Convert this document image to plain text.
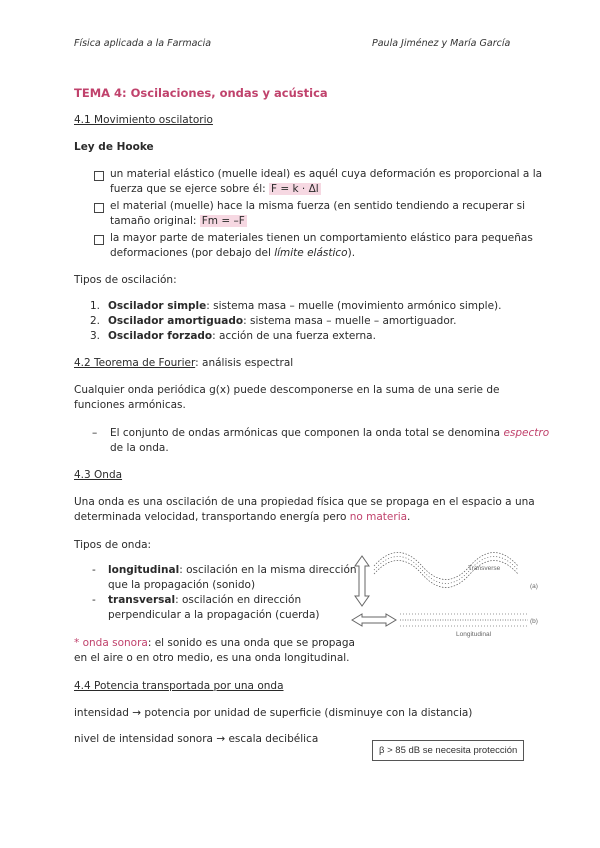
Física aplicada a la Farmacia	Paula Jiménez y María García
TEMA 4: Oscilaciones, ondas y acústica
4.1 Movimiento oscilatorio
Ley de Hooke
un material elástico (muelle ideal) es aquél cuya deformación es proporcional a la
fuerza que se ejerce sobre él: F = k · Δl
el material (muelle) hace la misma fuerza (en sentido tendiendo a recuperar si
tamaño original: Fm = –F
la mayor parte de materiales tienen un comportamiento elástico para pequeñas
deformaciones (por debajo del límite elástico).
Tipos de oscilación:
1. Oscilador simple: sistema masa – muelle (movimiento armónico simple).
2. Oscilador amortiguado: sistema masa – muelle – amortiguador.
3. Oscilador forzado: acción de una fuerza externa.
4.2 Teorema de Fourier: análisis espectral
Cualquier onda periódica g(x) puede descomponerse en la suma de una serie de
funciones armónicas.
– El conjunto de ondas armónicas que componen la onda total se denomina espectro
de la onda.
4.3 Onda
Una onda es una oscilación de una propiedad física que se propaga en el espacio a una
determinada velocidad, transportando energía pero no materia.
Tipos de onda:
- longitudinal: oscilación en la misma dirección
que la propagación (sonido)
- transversal: oscilación en dirección
perpendicular a la propagación (cuerda)
Transverse
Longitudinal
(a)
(b)
* onda sonora: el sonido es una onda que se propaga
en el aire o en otro medio, es una onda longitudinal.
4.4 Potencia transportada por una onda
intensidad → potencia por unidad de superficie (disminuye con la distancia)
nivel de intensidad sonora → escala decibélica
β > 85 dB se necesita protección
